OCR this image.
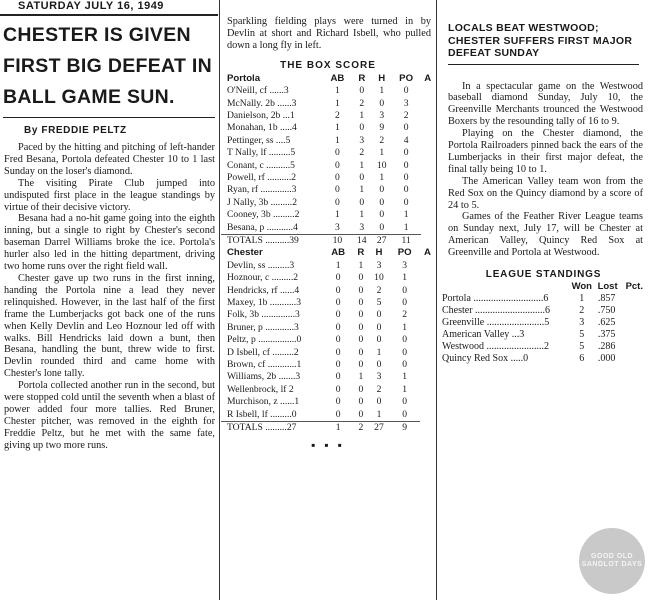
SATURDAY JULY 16, 1949
CHESTER IS GIVEN FIRST BIG DEFEAT IN BALL GAME SUN.
By FREDDIE PELTZ

Paced by the hitting and pitching of left-hander Fred Besana, Portola defeated Chester 10 to 1 last Sunday on the loser's diamond.

The visiting Pirate Club jumped into undisputed first place in the league standings by virtue of their decisive victory.

Besana had a no-hit game going into the eighth inning, but a single to right by Chester's second baseman Darrel Williams broke the ice. Portola's hurler also led in the hitting department, driving two home runs over the right field wall.

Chester gave up two runs in the first inning, handing the Portola nine a lead they never relinquished. However, in the last half of the first frame the Lumberjacks got back one of the runs when Kelly Devlin and Leo Hoznour led off with walks. Bill Hendricks laid down a bunt, then Besana, handling the bunt, threw wide to first. Devlin rounded third and came home with Chester's lone tally.

Portola collected another run in the second, but were stopped cold until the seventh when a blast of power added four more tallies. Red Bruner, Chester pitcher, was removed in the eighth for Freddie Peltz, but he met with the same fate, giving up two more runs.

Sparkling fielding plays were turned in by Devlin at short and Richard Isbell, who pulled down a long fly in left.

THE BOX SCORE
Portola	AB	R	H	PO	A
O'Neill, cf ......3	1	0	1	0	
McNally. 2b ......3	1	2	0	3	
Danielson, 2b ...1	2	1	3	2	
Monahan, 1b .....4	1	0	9	0	
Pettinger, ss ....5	1	3	2	4	
T Nally, lf .........5	0	2	1	0	
Conant, c ..........5	0	1	10	0	
Powell, rf ..........2	0	0	1	0	
Ryan, rf .............3	0	1	0	0	
J Nally, 3b .........2	0	0	0	0	
Cooney, 3b .........2	1	1	0	1	
Besana, p ...........4	3	3	0	1	
TOTALS ..........39	10	14	27	11	
Chester	AB	R	H	PO	A
Devlin, ss .........3	1	1	3	3	
Hoznour, c .........2	0	0	10	1	
Hendricks, rf ......4	0	0	2	0	
Maxey, 1b ...........3	0	0	5	0	
Folk, 3b ..............3	0	0	0	2	
Bruner, p ............3	0	0	0	1	
Peltz, p ................0	0	0	0	0	
D Isbell, cf .........2	0	0	1	0	
Brown, cf ............1	0	0	0	0	
Williams, 2b .......3	0	1	3	1	
Wellenbrock, lf 2	0	0	2	1	
Murchison, z ......1	0	0	0	0	
R Isbell, lf .........0	0	0	1	0	
TOTALS .........27	1	2	27	9	
▪ ▪ ▪
LOCALS BEAT WESTWOOD; CHESTER SUFFERS FIRST MAJOR DEFEAT SUNDAY

In a spectacular game on the Westwood baseball diamond Sunday, July 10, the Greenville Merchants trounced the Westwood Boxers by the resounding tally of 16 to 9.

Playing on the Chester diamond, the Portola Railroaders pinned back the ears of the Lumberjacks in their first major defeat, the final tally being 10 to 1.

The American Valley team won from the Red Sox on the Quincy diamond by a score of 24 to 5.

Games of the Feather River League teams on Sunday next, July 17, will be Chester at American Valley, Quincy Red Sox at Greenville and Portola at Westwood.

LEAGUE STANDINGS
	Won	Lost	Pct.
Portola ............................6	1	.857	
Chester ............................6	2	.750	
Greenville .......................5	3	.625	
American Valley ...3	5	.375	
Westwood .......................2	5	.286	
Quincy Red Sox .....0	6	.000	
GOOD OLD SANDLOT DAYS
